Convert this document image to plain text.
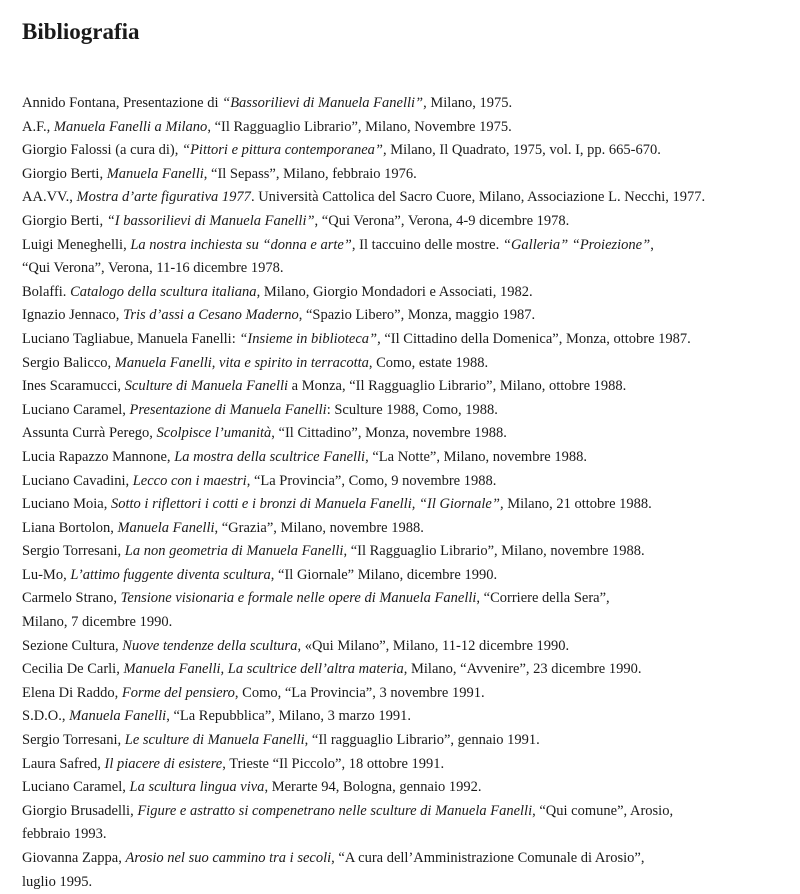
Bibliografia
Annido Fontana, Presentazione di “Bassorilievi di Manuela Fanelli”, Milano, 1975.
A.F., Manuela Fanelli a Milano, “Il Ragguaglio Librario”, Milano, Novembre 1975.
Giorgio Falossi (a cura di), “Pittori e pittura contemporanea”, Milano, Il Quadrato, 1975, vol. I, pp. 665-670.
Giorgio Berti, Manuela Fanelli, “Il Sepass”, Milano, febbraio 1976.
AA.VV., Mostra d’arte figurativa 1977. Università Cattolica del Sacro Cuore, Milano, Associazione L. Necchi, 1977.
Giorgio Berti, “I bassorilievi di Manuela Fanelli”, “Qui Verona”, Verona, 4-9 dicembre 1978.
Luigi Meneghelli, La nostra inchiesta su “donna e arte”, Il taccuino delle mostre. “Galleria” “Proiezione”,
“Qui Verona”, Verona, 11-16 dicembre 1978.
Bolaffi. Catalogo della scultura italiana, Milano, Giorgio Mondadori e Associati, 1982.
Ignazio Jennaco, Tris d’assi a Cesano Maderno, “Spazio Libero”, Monza, maggio 1987.
Luciano Tagliabue, Manuela Fanelli: “Insieme in biblioteca”, “Il Cittadino della Domenica”, Monza, ottobre 1987.
Sergio Balicco, Manuela Fanelli, vita e spirito in terracotta, Como, estate 1988.
Ines Scaramucci, Sculture di Manuela Fanelli a Monza, “Il Ragguaglio Librario”, Milano, ottobre 1988.
Luciano Caramel, Presentazione di Manuela Fanelli: Sculture 1988, Como, 1988.
Assunta Currà Perego, Scolpisce l’umanità, “Il Cittadino”, Monza, novembre 1988.
Lucia Rapazzo Mannone, La mostra della scultrice Fanelli, “La Notte”, Milano, novembre 1988.
Luciano Cavadini, Lecco con i maestri, “La Provincia”, Como, 9 novembre 1988.
Luciano Moia, Sotto i riflettori i cotti e i bronzi di Manuela Fanelli, “Il Giornale”, Milano, 21 ottobre 1988.
Liana Bortolon, Manuela Fanelli, “Grazia”, Milano, novembre 1988.
Sergio Torresani, La non geometria di Manuela Fanelli, “Il Ragguaglio Librario”, Milano, novembre 1988.
Lu-Mo, L’attimo fuggente diventa scultura, “Il Giornale” Milano, dicembre 1990.
Carmelo Strano, Tensione visionaria e formale nelle opere di Manuela Fanelli, “Corriere della Sera”,
Milano, 7 dicembre 1990.
Sezione Cultura, Nuove tendenze della scultura, «Qui Milano”, Milano, 11-12 dicembre 1990.
Cecilia De Carli, Manuela Fanelli, La scultrice dell’altra materia, Milano, “Avvenire”, 23 dicembre 1990.
Elena Di Raddo, Forme del pensiero, Como, “La Provincia”, 3 novembre 1991.
S.D.O., Manuela Fanelli, “La Repubblica”, Milano, 3 marzo 1991.
Sergio Torresani, Le sculture di Manuela Fanelli, “Il ragguaglio Librario”, gennaio 1991.
Laura Safred, Il piacere di esistere, Trieste “Il Piccolo”, 18 ottobre 1991.
Luciano Caramel, La scultura lingua viva, Merarte 94, Bologna, gennaio 1992.
Giorgio Brusadelli, Figure e astratto si compenetrano nelle sculture di Manuela Fanelli, “Qui comune”, Arosio,
febbraio 1993.
Giovanna Zappa, Arosio nel suo cammino tra i secoli, “A cura dell’Amministrazione Comunale di Arosio”,
luglio 1995.
